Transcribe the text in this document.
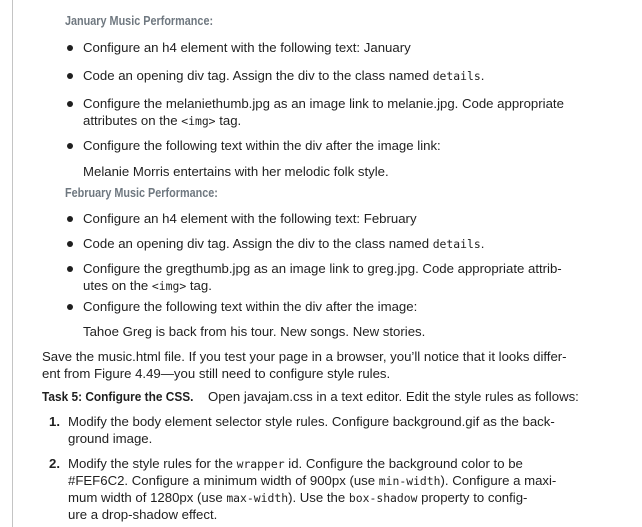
January Music Performance:

Configure an h4 element with the following text: January

Code an opening div tag. Assign the div to the class named details.

Configure the melaniethumb.jpg as an image link to melanie.jpg. Code appropriate

attributes on the <img> tag.

Configure the following text within the div after the image link:

Melanie Morris entertains with her melodic folk style.

February Music Performance:

Configure an h4 element with the following text: February

Code an opening div tag. Assign the div to the class named details.

Configure the gregthumb.jpg as an image link to greg.jpg. Code appropriate attrib-

utes on the <img> tag.

Configure the following text within the div after the image:

Tahoe Greg is back from his tour. New songs. New stories.

Save the music.html file. If you test your page in a browser, you’ll notice that it looks differ-

ent from Figure 4.49—you still need to configure style rules.

Task 5: Configure the CSS. Open javajam.css in a text editor. Edit the style rules as follows:

1. Modify the body element selector style rules. Configure background.gif as the back-

ground image.

2. Modify the style rules for the wrapper id. Configure the background color to be

#FEF6C2. Configure a minimum width of 900px (use min-width). Configure a maxi-

mum width of 1280px (use max-width). Use the box-shadow property to config-

ure a drop-shadow effect.
